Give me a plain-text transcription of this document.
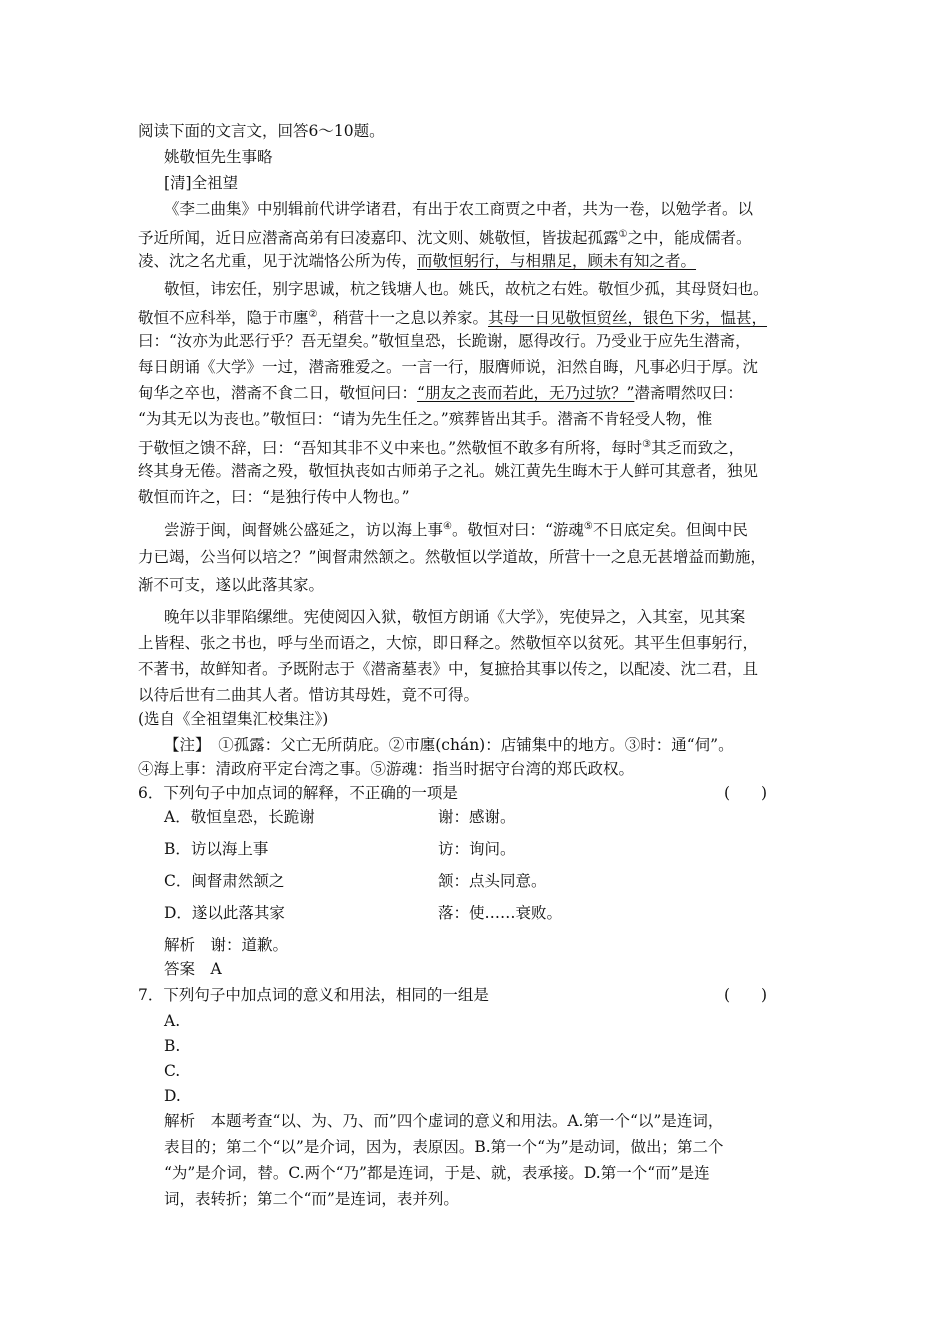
阅读下面的文言文，回答6～10题。
姚敬恒先生事略
[清]全祖望
《李二曲集》中别辑前代讲学诸君，有出于农工商贾之中者，共为一卷，以勉学者。以
予近所闻，近日应潜斋高弟有曰凌嘉印、沈文则、姚敬恒，皆拔起孤露①之中，能成儒者。
凌、沈之名尤重，见于沈端恪公所为传，而敬恒躬行，与相鼎足，顾未有知之者。
敬恒，讳宏任，别字思诚，杭之钱塘人也。姚氏，故杭之右姓。敬恒少孤，其母贤妇也。
敬恒不应科举，隐于市廛②，稍营十一之息以养家。其母一日见敬恒贸丝，银色下劣，愠甚，
曰：“汝亦为此恶行乎？吾无望矣。”敬恒皇恐，长跪谢，愿得改行。乃受业于应先生潜斋，
每日朗诵《大学》一过，潜斋雅爱之。一言一行，服膺师说，汩然自晦，凡事必归于厚。沈
甸华之卒也，潜斋不食二日，敬恒问曰：“朋友之丧而若此，无乃过欤？”潜斋喟然叹曰：
“为其无以为丧也。”敬恒曰：“请为先生任之。”殡葬皆出其手。潜斋不肯轻受人物，惟
于敬恒之馈不辞，曰：“吾知其非不义中来也。”然敬恒不敢多有所将，每时③其乏而致之，
终其身无倦。潜斋之殁，敬恒执丧如古师弟子之礼。姚江黄先生晦木于人鲜可其意者，独见
敬恒而许之，曰：“是独行传中人物也。”
尝游于闽，闽督姚公盛延之，访以海上事④。敬恒对曰：“游魂⑤不日底定矣。但闽中民
力已竭，公当何以培之？”闽督肃然颔之。然敬恒以学道故，所营十一之息无甚增益而勤施，
渐不可支，遂以此落其家。
晚年以非罪陷缧绁。宪使阅囚入狱，敬恒方朗诵《大学》，宪使异之，入其室，见其案
上皆程、张之书也，呼与坐而语之，大惊，即日释之。然敬恒卒以贫死。其平生但事躬行，
不著书，故鲜知者。予既附志于《潜斋墓表》中，复摭拾其事以传之，以配凌、沈二君，且
以待后世有二曲其人者。惜访其母姓，竟不可得。
(选自《全祖望集汇校集注》)
【注】　①孤露：父亡无所荫庇。②市廛(chán)：店铺集中的地方。③时：通“伺”。
④海上事：清政府平定台湾之事。⑤游魂：指当时据守台湾的郑氏政权。
6．下列句子中加点词的解释，不正确的一项是	(　　)
A．敬恒皇恐，长跪谢	谢：感谢。
B．访以海上事	访：询问。
C．闽督肃然颔之	颔：点头同意。
D．遂以此落其家	落：使……衰败。
解析　谢：道歉。
答案　A
7．下列句子中加点词的意义和用法，相同的一组是	(　　)
A.
B.
C.
D.
解析　本题考查“以、为、乃、而”四个虚词的意义和用法。A.第一个“以”是连词，
表目的；第二个“以”是介词，因为，表原因。B.第一个“为”是动词，做出；第二个
“为”是介词，替。C.两个“乃”都是连词，于是、就，表承接。D.第一个“而”是连
词，表转折；第二个“而”是连词，表并列。
